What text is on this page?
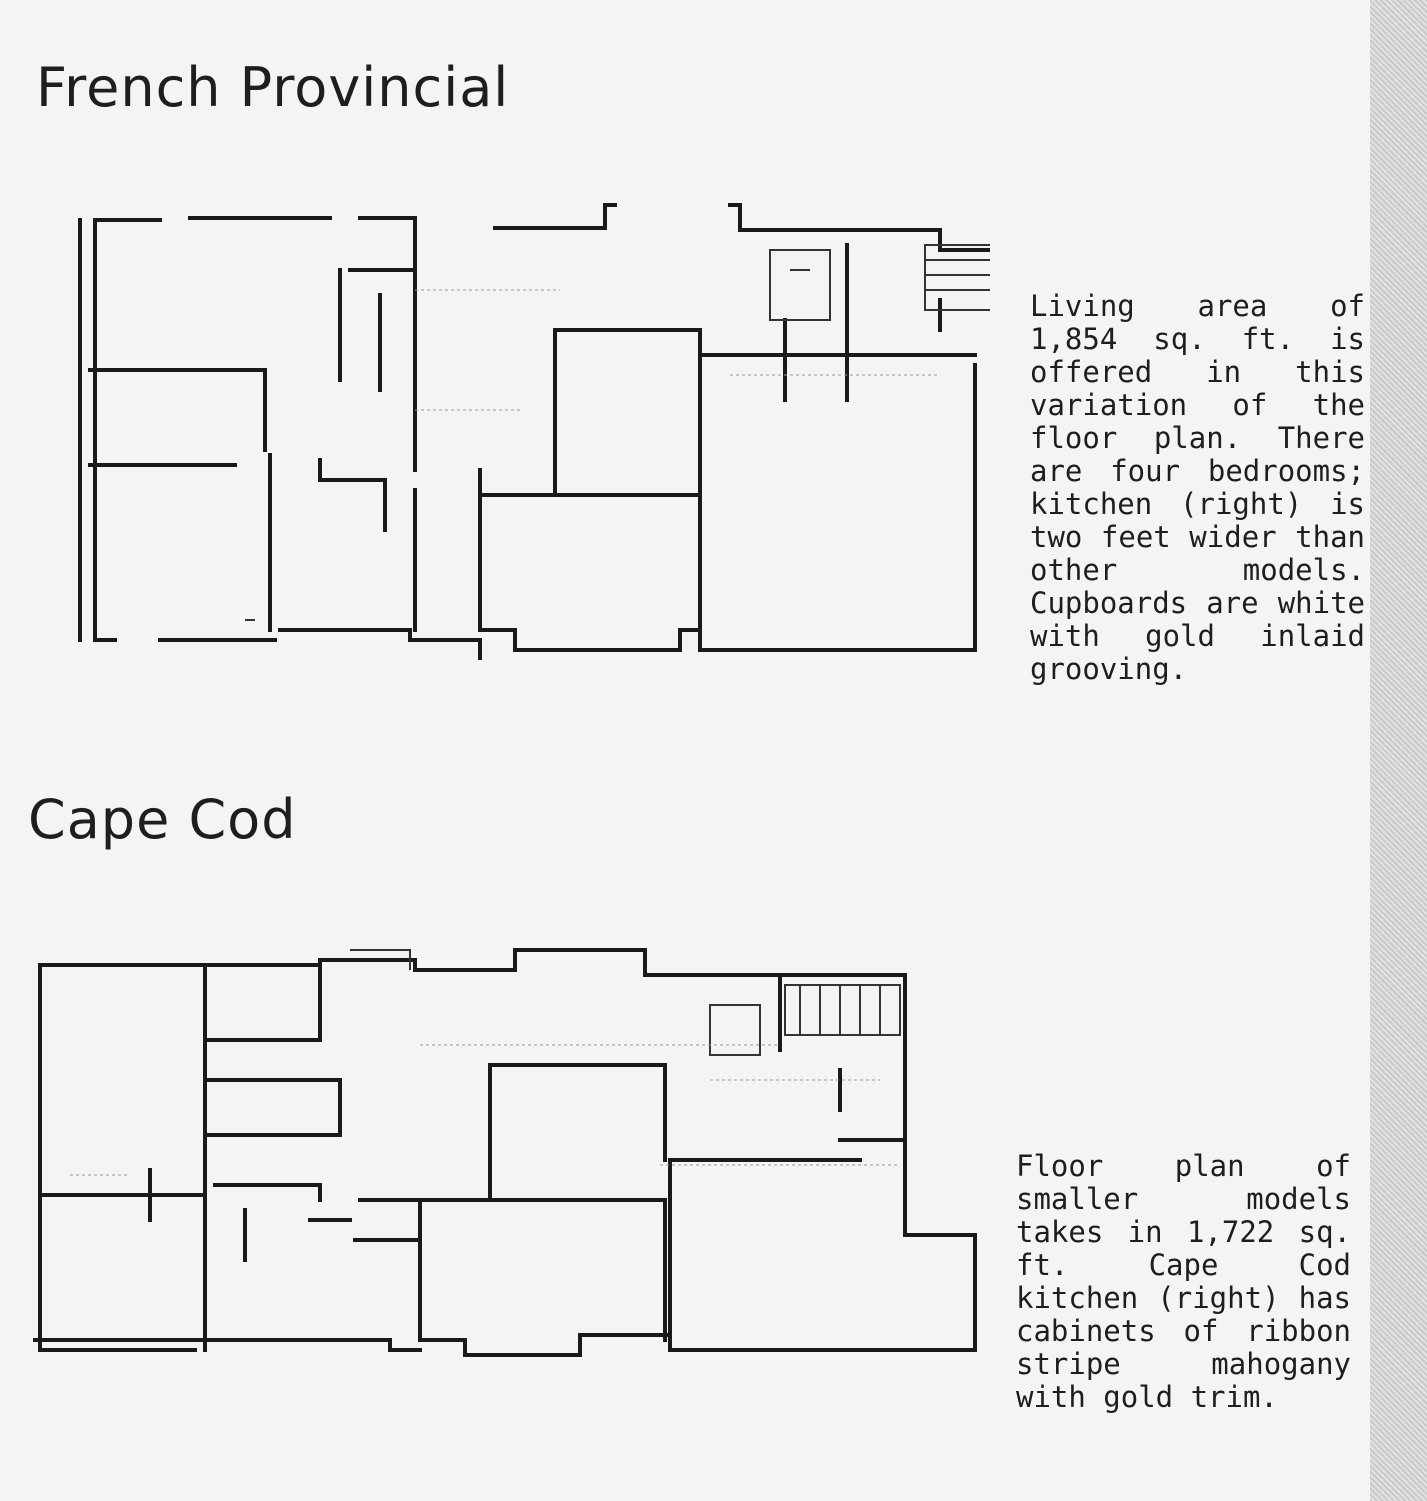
French Provincial

Living area of 1,854 sq. ft. is offered in this variation of the floor plan. There are four bedrooms; kitchen (right) is two feet wider than other models. Cupboards are white with gold inlaid grooving.

Cape Cod

Floor plan of smaller models takes in 1,722 sq. ft. Cape Cod kitchen (right) has cabinets of ribbon stripe mahogany with gold trim.
